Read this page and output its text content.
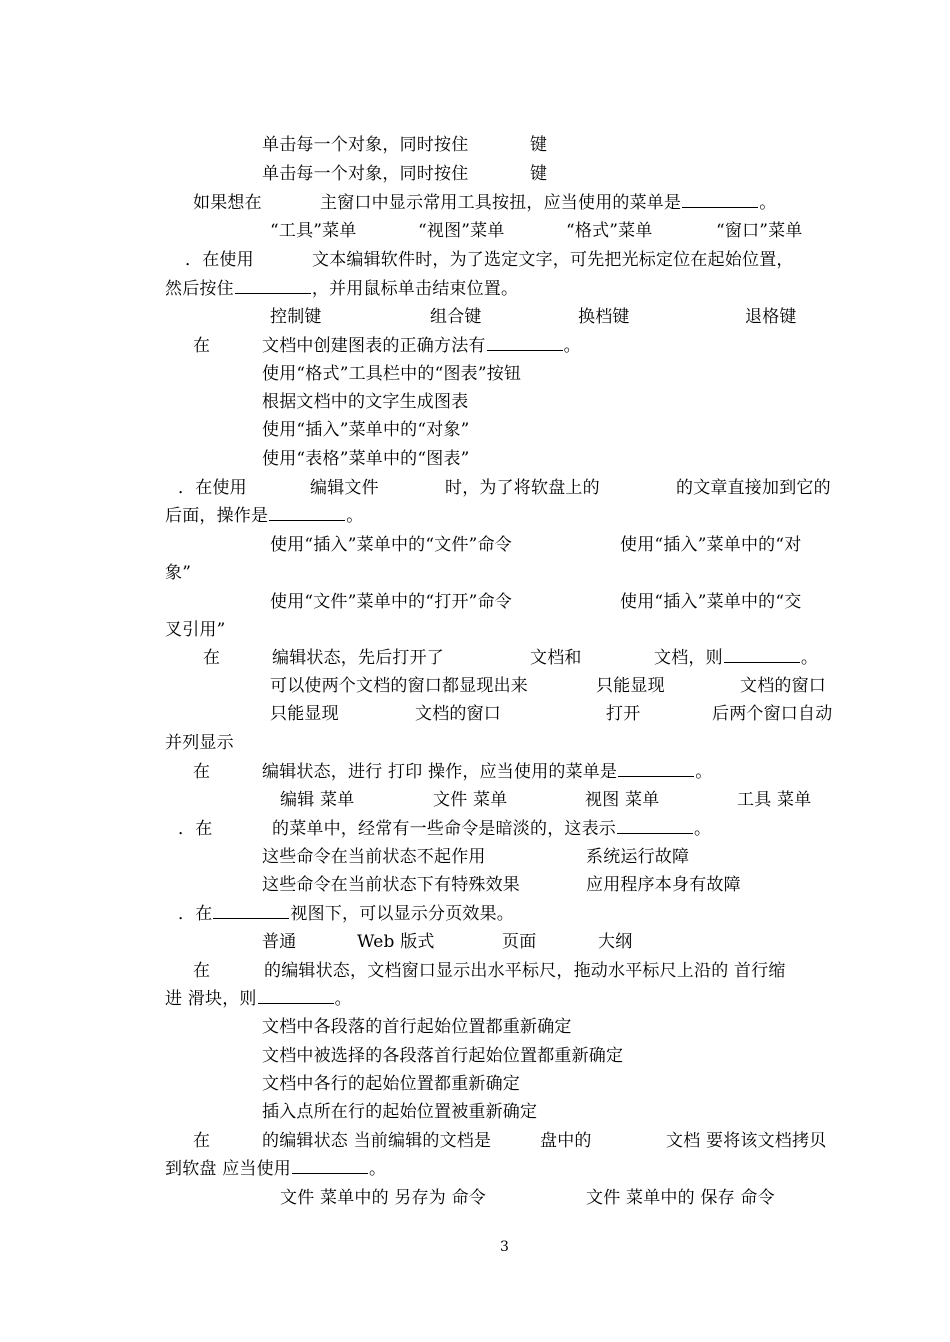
单击每一个对象，同时按住	键
单击每一个对象，同时按住	键
如果想在	主窗口中显示常用工具按扭，应当使用的菜单是	。
“工具”菜单	“视图”菜单	“格式”菜单	“窗口”菜单
．在使用	文本编辑软件时，为了选定文字，可先把光标定位在起始位置，
然后按住	，并用鼠标单击结束位置。
控制键	组合键	换档键	退格键
在	文档中创建图表的正确方法有	。
使用“格式”工具栏中的“图表”按钮
根据文档中的文字生成图表
使用“插入”菜单中的“对象”
使用“表格”菜单中的“图表”
．在使用	编辑文件	时，为了将软盘上的	的文章直接加到它的
后面，操作是	。
使用“插入”菜单中的“文件”命令	使用“插入”菜单中的“对
象”
使用“文件”菜单中的“打开”命令	使用“插入”菜单中的“交
叉引用”
在	编辑状态，先后打开了	文档和	文档，则	。
可以使两个文档的窗口都显现出来	只能显现	文档的窗口
只能显现	文档的窗口	打开	后两个窗口自动
并列显示
在	编辑状态，进行 打印 操作，应当使用的菜单是	。
编辑 菜单	文件 菜单	视图 菜单	工具 菜单
．在	的菜单中，经常有一些命令是暗淡的，这表示	。
这些命令在当前状态不起作用	系统运行故障
这些命令在当前状态下有特殊效果	应用程序本身有故障
．在	视图下，可以显示分页效果。
普通	Web 版式	页面	大纲
在	的编辑状态，文档窗口显示出水平标尺，拖动水平标尺上沿的 首行缩
进 滑块，则	。
文档中各段落的首行起始位置都重新确定
文档中被选择的各段落首行起始位置都重新确定
文档中各行的起始位置都重新确定
插入点所在行的起始位置被重新确定
在	的编辑状态 当前编辑的文档是	盘中的	文档 要将该文档拷贝
到软盘 应当使用	。
文件 菜单中的 另存为 命令	文件 菜单中的 保存 命令
3
